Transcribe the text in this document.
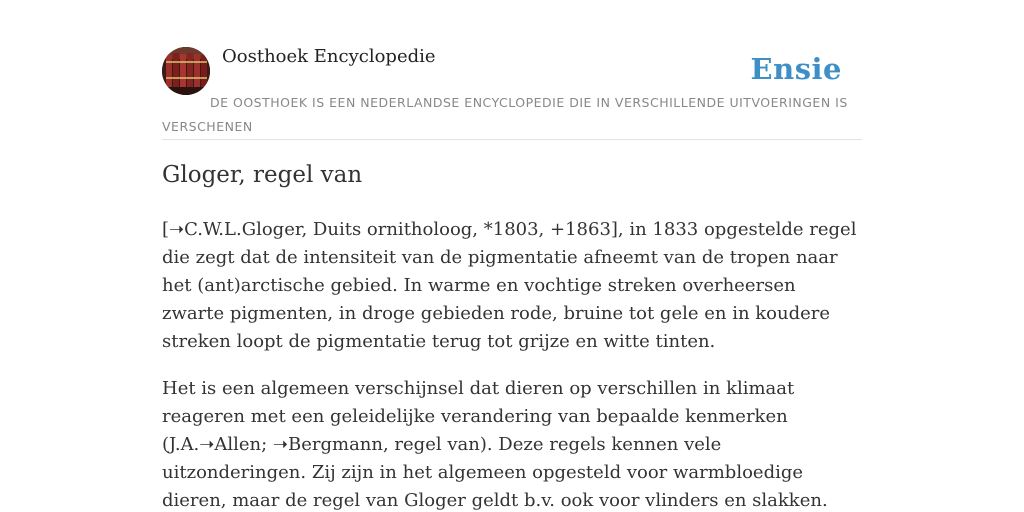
Oosthoek Encyclopedie	Ensie
DE OOSTHOEK IS EEN NEDERLANDSE ENCYCLOPEDIE DIE IN VERSCHILLENDE UITVOERINGEN IS VERSCHENEN
Gloger, regel van

[➝C.W.L.Gloger, Duits ornitholoog, *1803, +1863], in 1833 opgestelde regel die zegt dat de intensiteit van de pigmentatie afneemt van de tropen naar het (ant)arctische gebied. In warme en vochtige streken overheersen zwarte pigmenten, in droge gebieden rode, bruine tot gele en in koudere streken loopt de pigmentatie terug tot grijze en witte tinten.

Het is een algemeen verschijnsel dat dieren op verschillen in klimaat reageren met een geleidelijke verandering van bepaalde kenmerken (J.A.➝Allen; ➝Bergmann, regel van). Deze regels kennen vele uitzonderingen. Zij zijn in het algemeen opgesteld voor warmbloedige dieren, maar de regel van Gloger geldt b.v. ook voor vlinders en slakken.
